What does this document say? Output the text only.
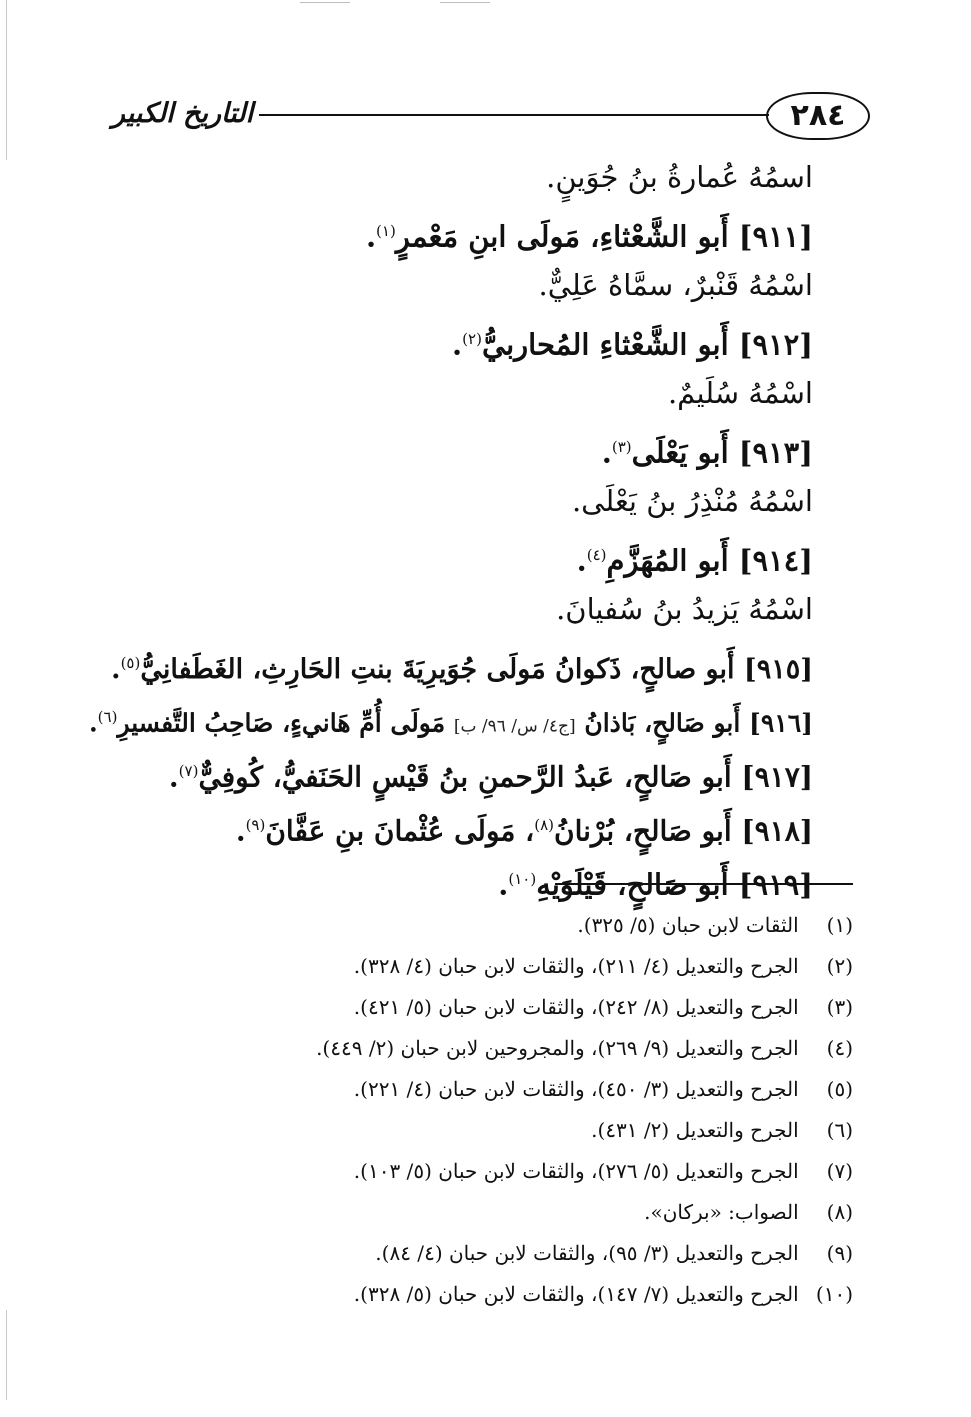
التاريخ الكبير	٢٨٤
اسمُهُ عُمارةُ بنُ جُوَينٍ.
[٩١١] أَبو الشَّعْثاءِ، مَولَى ابنِ مَعْمرٍ$^{(١)}$.
اسْمُهُ قَنْبرٌ، سمَّاهُ عَلِيٌّ.
[٩١٢] أَبو الشَّعْثاءِ المُحاربيُّ$^{(٢)}$.
اسْمُهُ سُلَيمٌ.
[٩١٣] أَبو يَعْلَى$^{(٣)}$.
اسْمُهُ مُنْذِرُ بنُ يَعْلَى.
[٩١٤] أَبو المُهَزَّمِ$^{(٤)}$.
اسْمُهُ يَزيدُ بنُ سُفيانَ.
[٩١٥] أَبو صالحٍ، ذَكوانُ مَولَى جُوَيرِيَةَ بنتِ الحَارِثِ، الغَطَفانِيُّ$^{(٥)}$.
[٩١٦] أَبو صَالحٍ، بَاذانُ [ج٤/ س/ ٩٦/ ب] مَولَى أُمِّ هَانيءٍ، صَاحِبُ التَّفسيرِ$^{(٦)}$.
[٩١٧] أَبو صَالحٍ، عَبدُ الرَّحمنِ بنُ قَيْسٍ الحَنَفيُّ، كُوفِيٌّ$^{(٧)}$.
[٩١٨] أَبو صَالحٍ، بُرْنانُ$^{(٨)}$، مَولَى عُثْمانَ بنِ عَفَّانَ$^{(٩)}$.
[٩١٩] أَبو صَالحٍ، قَيْلَوَيْهِ$^{(١٠)}$.
(١) الثقات لابن حبان (٥/ ٣٢٥).
(٢) الجرح والتعديل (٤/ ٢١١)، والثقات لابن حبان (٤/ ٣٢٨).
(٣) الجرح والتعديل (٨/ ٢٤٢)، والثقات لابن حبان (٥/ ٤٢١).
(٤) الجرح والتعديل (٩/ ٢٦٩)، والمجروحين لابن حبان (٢/ ٤٤٩).
(٥) الجرح والتعديل (٣/ ٤٥٠)، والثقات لابن حبان (٤/ ٢٢١).
(٦) الجرح والتعديل (٢/ ٤٣١).
(٧) الجرح والتعديل (٥/ ٢٧٦)، والثقات لابن حبان (٥/ ١٠٣).
(٨) الصواب: «بركان».
(٩) الجرح والتعديل (٣/ ٩٥)، والثقات لابن حبان (٤/ ٨٤).
(١٠) الجرح والتعديل (٧/ ١٤٧)، والثقات لابن حبان (٥/ ٣٢٨).
